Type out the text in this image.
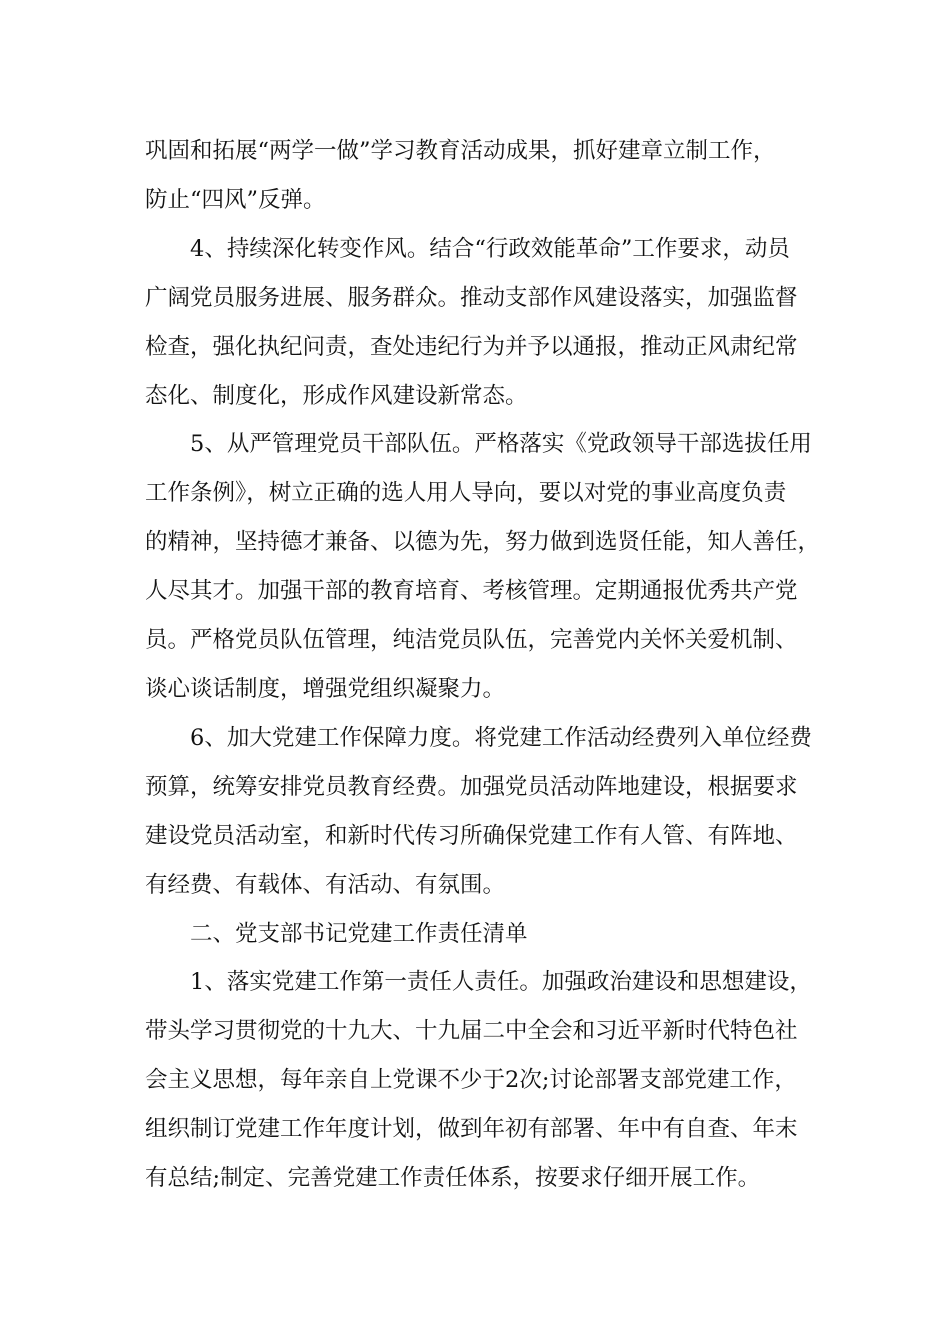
巩固和拓展“两学一做”学习教育活动成果，抓好建章立制工作，
防止“四风”反弹。

4、持续深化转变作风。结合“行政效能革命”工作要求，动员
广阔党员服务进展、服务群众。推动支部作风建设落实，加强监督
检查，强化执纪问责，查处违纪行为并予以通报，推动正风肃纪常
态化、制度化，形成作风建设新常态。

5、从严管理党员干部队伍。严格落实《党政领导干部选拔任用
工作条例》，树立正确的选人用人导向，要以对党的事业高度负责
的精神，坚持德才兼备、以德为先，努力做到选贤任能，知人善任，
人尽其才。加强干部的教育培育、考核管理。定期通报优秀共产党
员。严格党员队伍管理，纯洁党员队伍，完善党内关怀关爱机制、
谈心谈话制度，增强党组织凝聚力。

6、加大党建工作保障力度。将党建工作活动经费列入单位经费
预算，统筹安排党员教育经费。加强党员活动阵地建设，根据要求
建设党员活动室，和新时代传习所确保党建工作有人管、有阵地、
有经费、有载体、有活动、有氛围。

二、党支部书记党建工作责任清单

1、落实党建工作第一责任人责任。加强政治建设和思想建设，
带头学习贯彻党的十九大、十九届二中全会和习近平新时代特色社
会主义思想，每年亲自上党课不少于2次;讨论部署支部党建工作，
组织制订党建工作年度计划，做到年初有部署、年中有自查、年末
有总结;制定、完善党建工作责任体系，按要求仔细开展工作。
